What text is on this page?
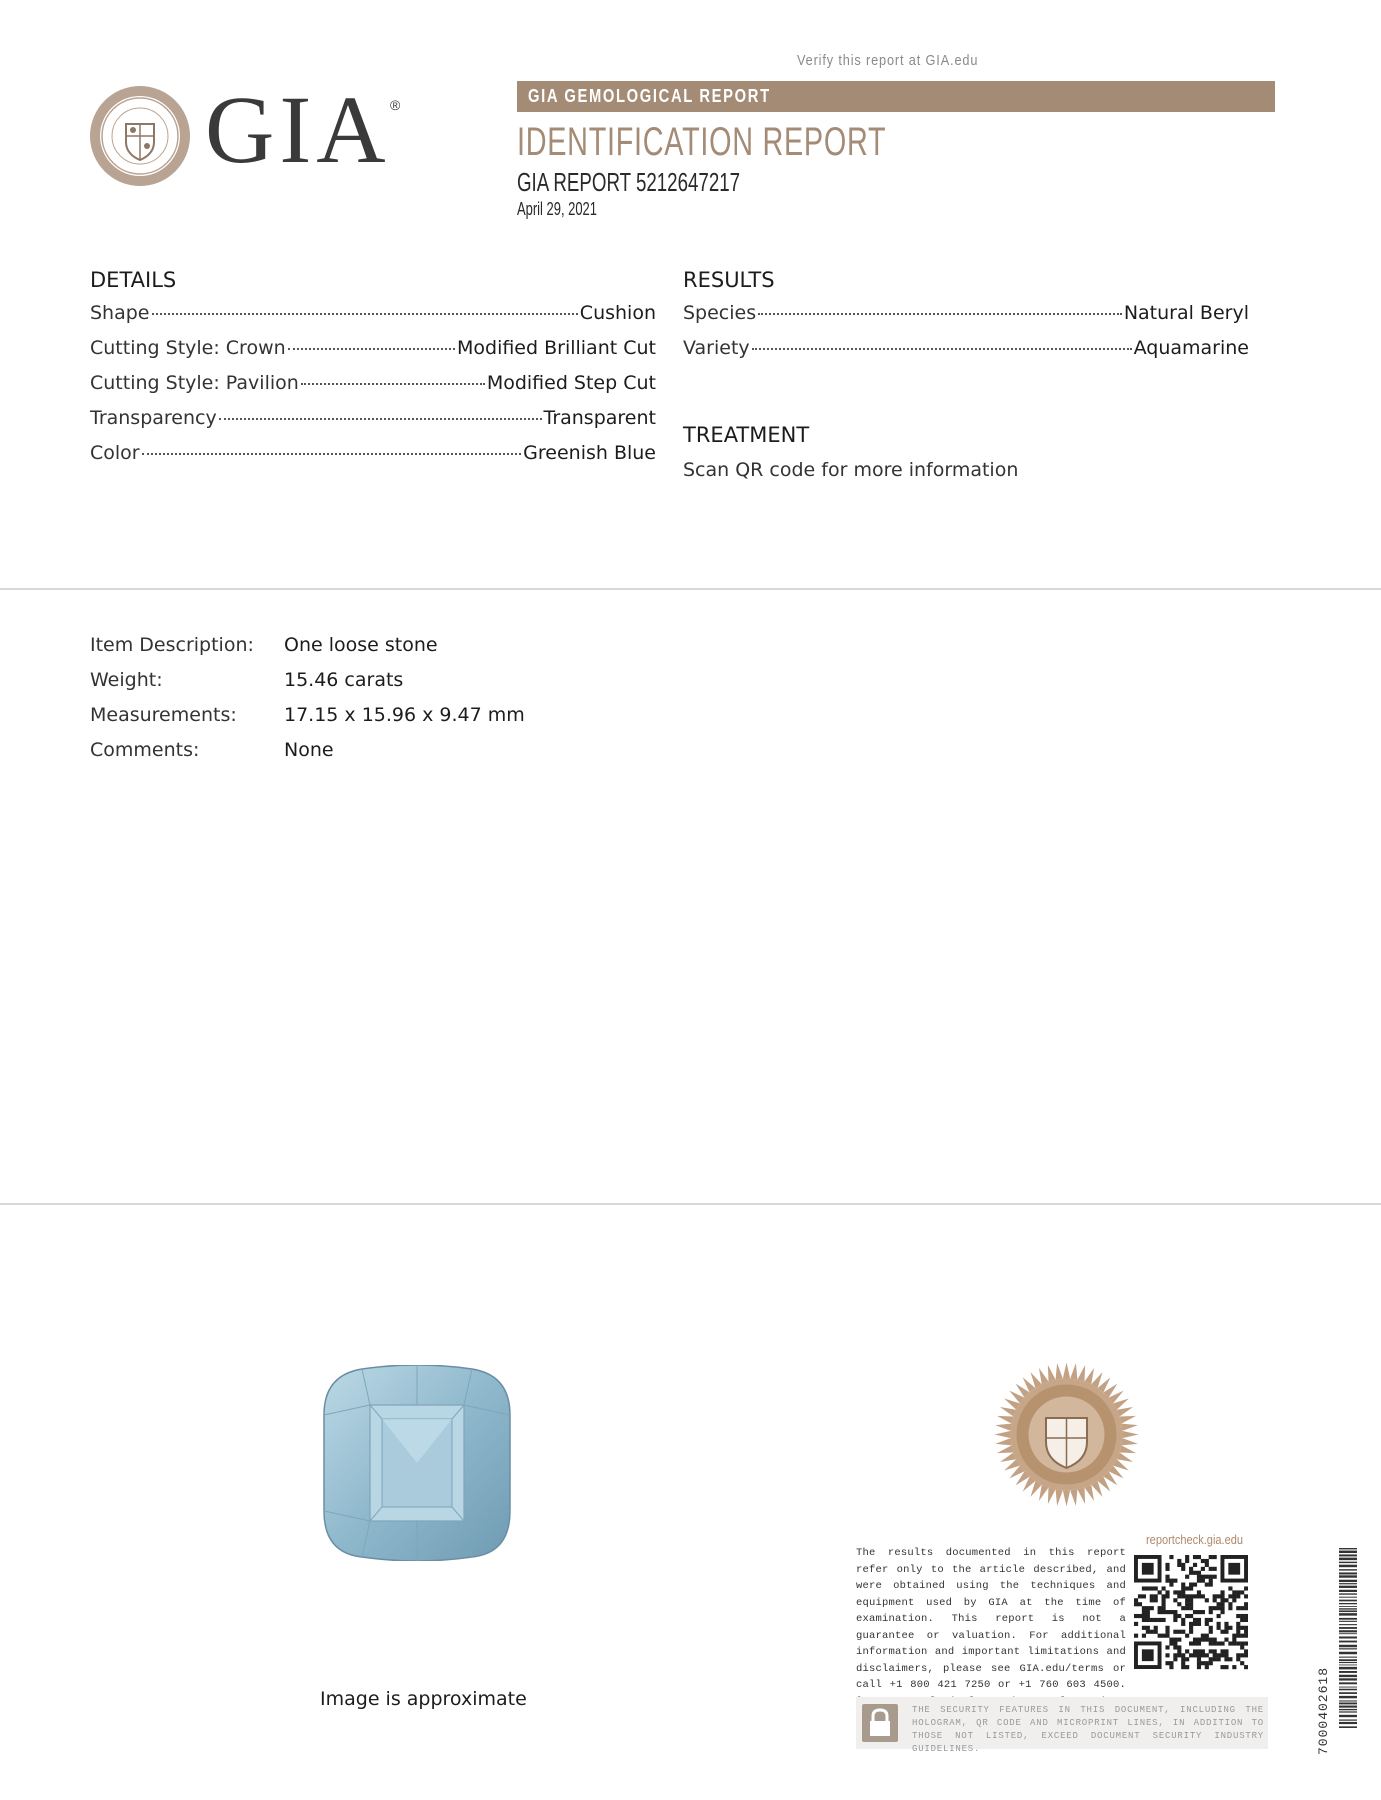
Verify this report at GIA.edu
GIA ®	GIA GEMOLOGICAL REPORT
IDENTIFICATION REPORT
GIA REPORT 5212647217
April 29, 2021
DETAILS
Shape	Cushion
Cutting Style: Crown	Modified Brilliant Cut
Cutting Style: Pavilion	Modified Step Cut
Transparency	Transparent
Color	Greenish Blue
RESULTS
Species	Natural Beryl
Variety	Aquamarine
TREATMENT
Scan QR code for more information
Item Description:	One loose stone
Weight:	15.46 carats
Measurements:	17.15 x 15.96 x 9.47 mm
Comments:	None
Image is approximate
reportcheck.gia.edu
The results documented in this report refer only to the article described, and were obtained using the techniques and equipment used by GIA at the time of examination. This report is not a guarantee or valuation. For additional information and important limitations and disclaimers, please see GIA.edu/terms or call +1 800 421 7250 or +1 760 603 4500.
THE SECURITY FEATURES IN THIS DOCUMENT, INCLUDING THE HOLOGRAM, QR CODE AND MICROPRINT LINES, IN ADDITION TO THOSE NOT LISTED, EXCEED DOCUMENT SECURITY INDUSTRY GUIDELINES.	7000402618
